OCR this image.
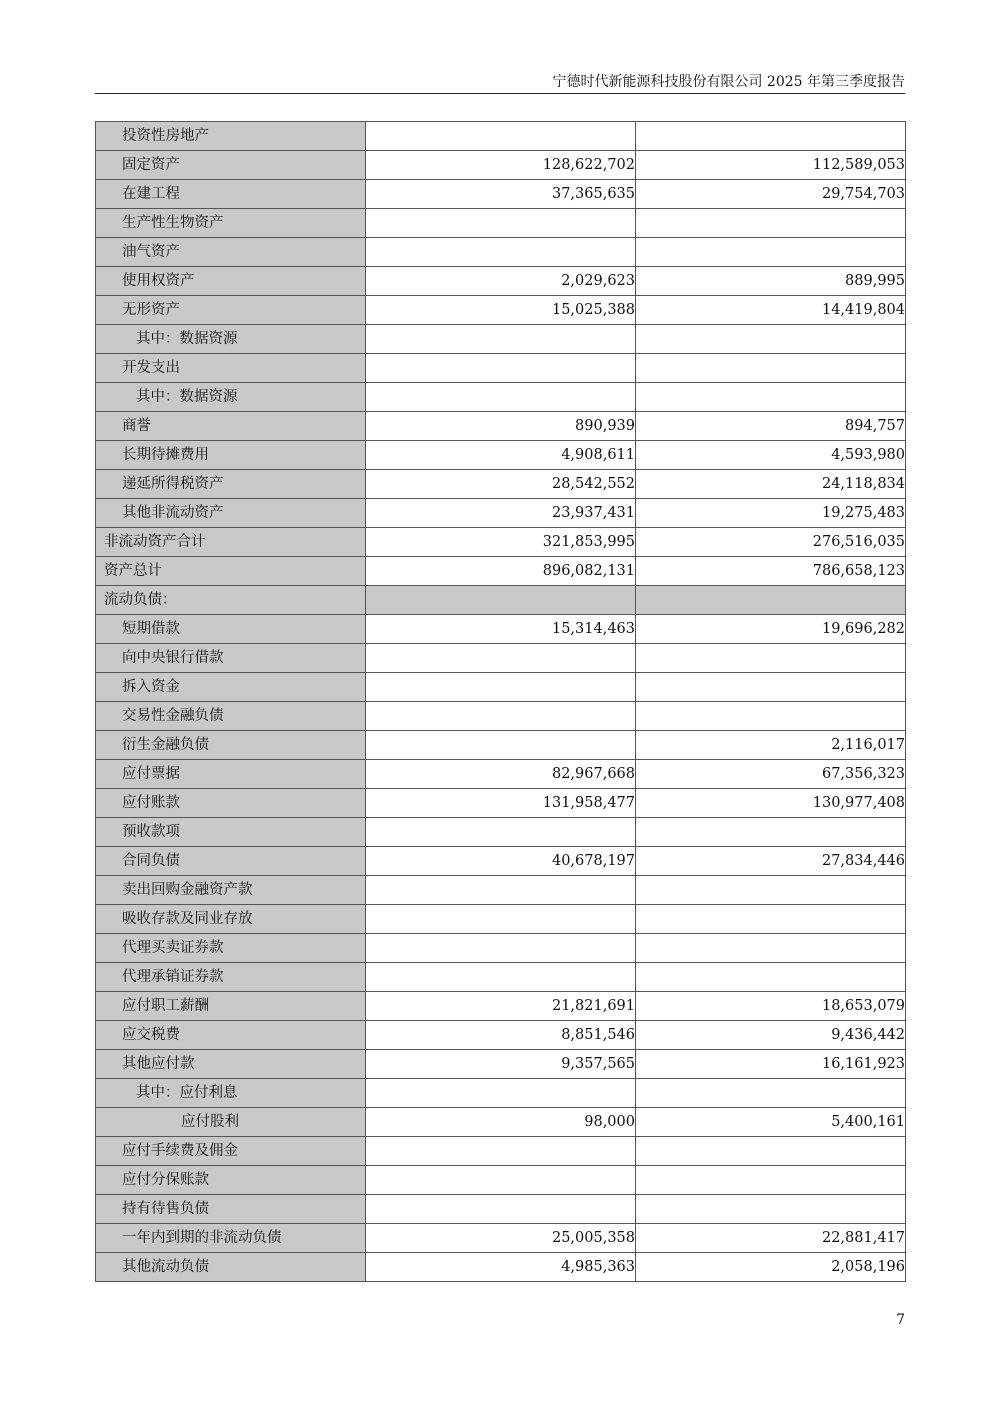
宁德时代新能源科技股份有限公司 2025 年第三季度报告
投资性房地产		
固定资产	128,622,702	112,589,053
在建工程	37,365,635	29,754,703
生产性生物资产		
油气资产		
使用权资产	2,029,623	889,995
无形资产	15,025,388	14,419,804
其中：数据资源		
开发支出		
其中：数据资源		
商誉	890,939	894,757
长期待摊费用	4,908,611	4,593,980
递延所得税资产	28,542,552	24,118,834
其他非流动资产	23,937,431	19,275,483
非流动资产合计	321,853,995	276,516,035
资产总计	896,082,131	786,658,123
流动负债：		
短期借款	15,314,463	19,696,282
向中央银行借款		
拆入资金		
交易性金融负债		
衍生金融负债		2,116,017
应付票据	82,967,668	67,356,323
应付账款	131,958,477	130,977,408
预收款项		
合同负债	40,678,197	27,834,446
卖出回购金融资产款		
吸收存款及同业存放		
代理买卖证券款		
代理承销证券款		
应付职工薪酬	21,821,691	18,653,079
应交税费	8,851,546	9,436,442
其他应付款	9,357,565	16,161,923
其中：应付利息		
应付股利	98,000	5,400,161
应付手续费及佣金		
应付分保账款		
持有待售负债		
一年内到期的非流动负债	25,005,358	22,881,417
其他流动负债	4,985,363	2,058,196
7
